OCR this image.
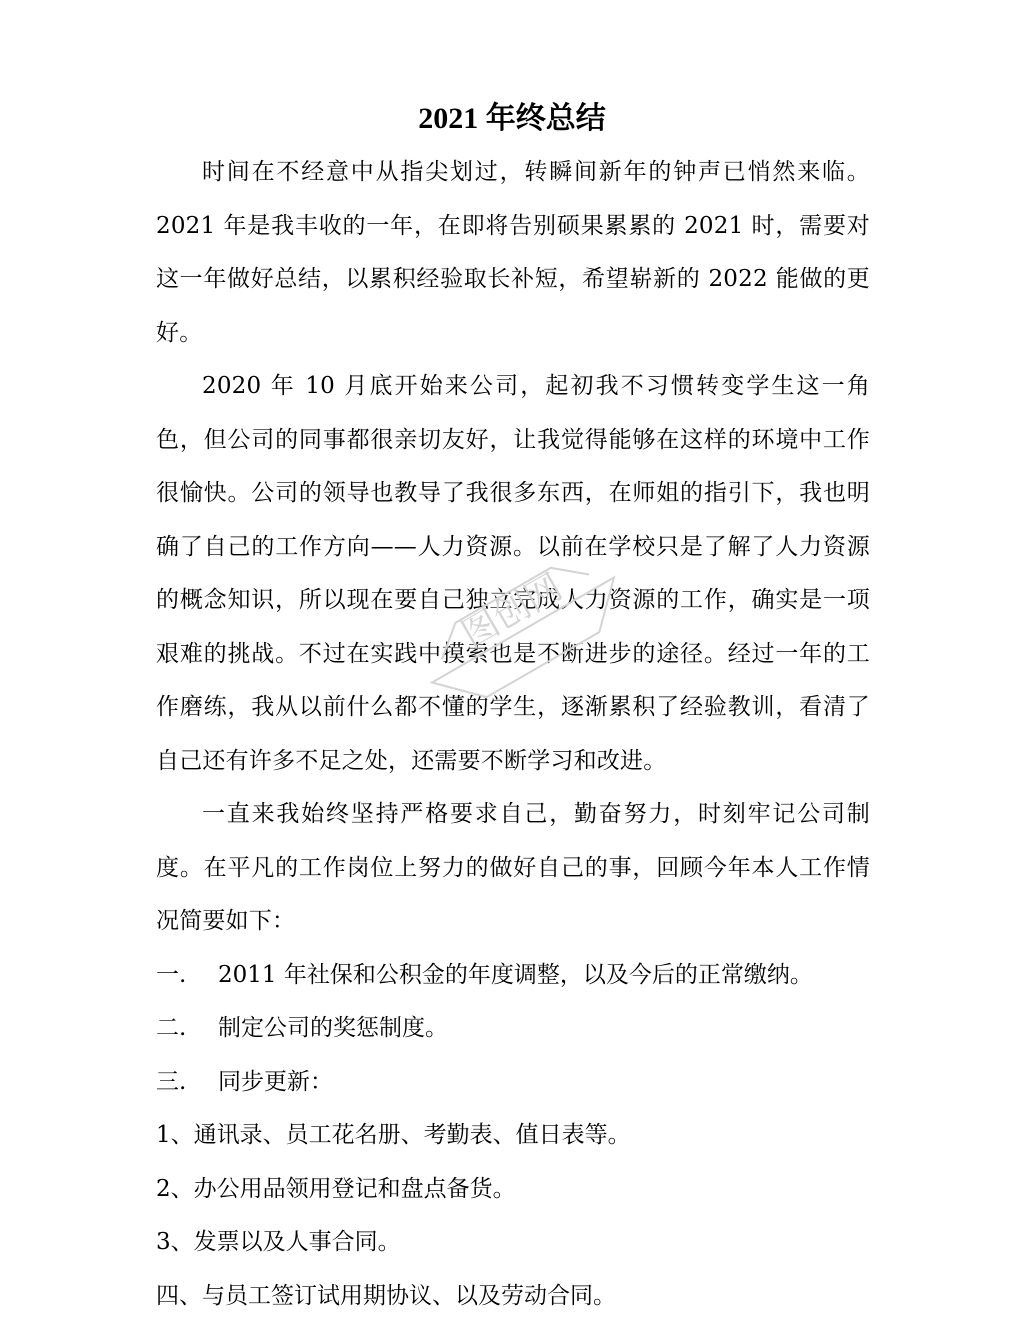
2021 年终总结

时间在不经意中从指尖划过，转瞬间新年的钟声已悄然来临。2021 年是我丰收的一年，在即将告别硕果累累的 2021 时，需要对这一年做好总结，以累积经验取长补短，希望崭新的 2022 能做的更好。

2020 年 10 月底开始来公司，起初我不习惯转变学生这一角色，但公司的同事都很亲切友好，让我觉得能够在这样的环境中工作很愉快。公司的领导也教导了我很多东西，在师姐的指引下，我也明确了自己的工作方向——人力资源。以前在学校只是了解了人力资源的概念知识，所以现在要自己独立完成人力资源的工作，确实是一项艰难的挑战。不过在实践中摸索也是不断进步的途径。经过一年的工作磨练，我从以前什么都不懂的学生，逐渐累积了经验教训，看清了自己还有许多不足之处，还需要不断学习和改进。

一直来我始终坚持严格要求自己，勤奋努力，时刻牢记公司制度。在平凡的工作岗位上努力的做好自己的事，回顾今年本人工作情况简要如下：

一. 2011 年社保和公积金的年度调整，以及今后的正常缴纳。

二. 制定公司的奖惩制度。

三. 同步更新：

1、通讯录、员工花名册、考勤表、值日表等。

2、办公用品领用登记和盘点备货。

3、发票以及人事合同。

四、与员工签订试用期协议、以及劳动合同。

图创网
